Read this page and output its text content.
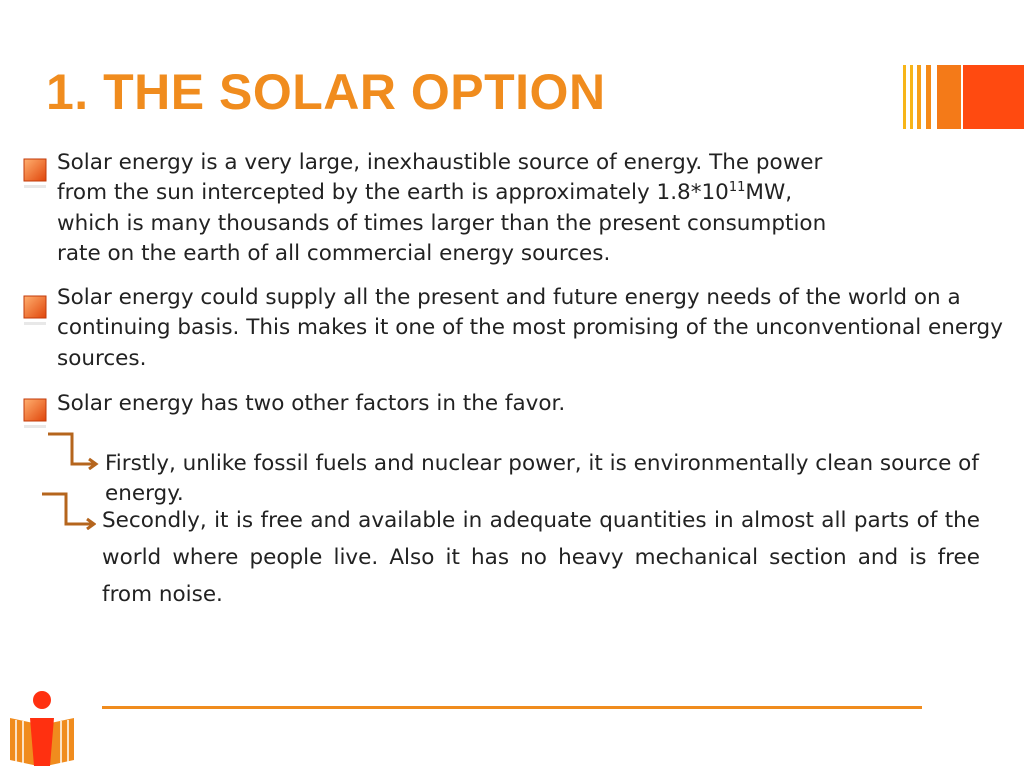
1. THE SOLAR OPTION
Solar energy is a very large, inexhaustible source of energy. The power
from the sun intercepted by the earth is approximately $1.8*10^{11}MW$,
which is many thousands of times larger than the present consumption
rate on the earth of all commercial energy sources.
Solar energy could supply all the present and future energy needs of the world on a continuing basis. This makes it one of the most promising of the unconventional energy sources.
Solar energy has two other factors in the favor.
Firstly, unlike fossil fuels and nuclear power, it is environmentally clean source of energy.
Secondly, it is free and available in adequate quantities in almost all parts of the world where people live. Also it has no heavy mechanical section and is free from noise.
